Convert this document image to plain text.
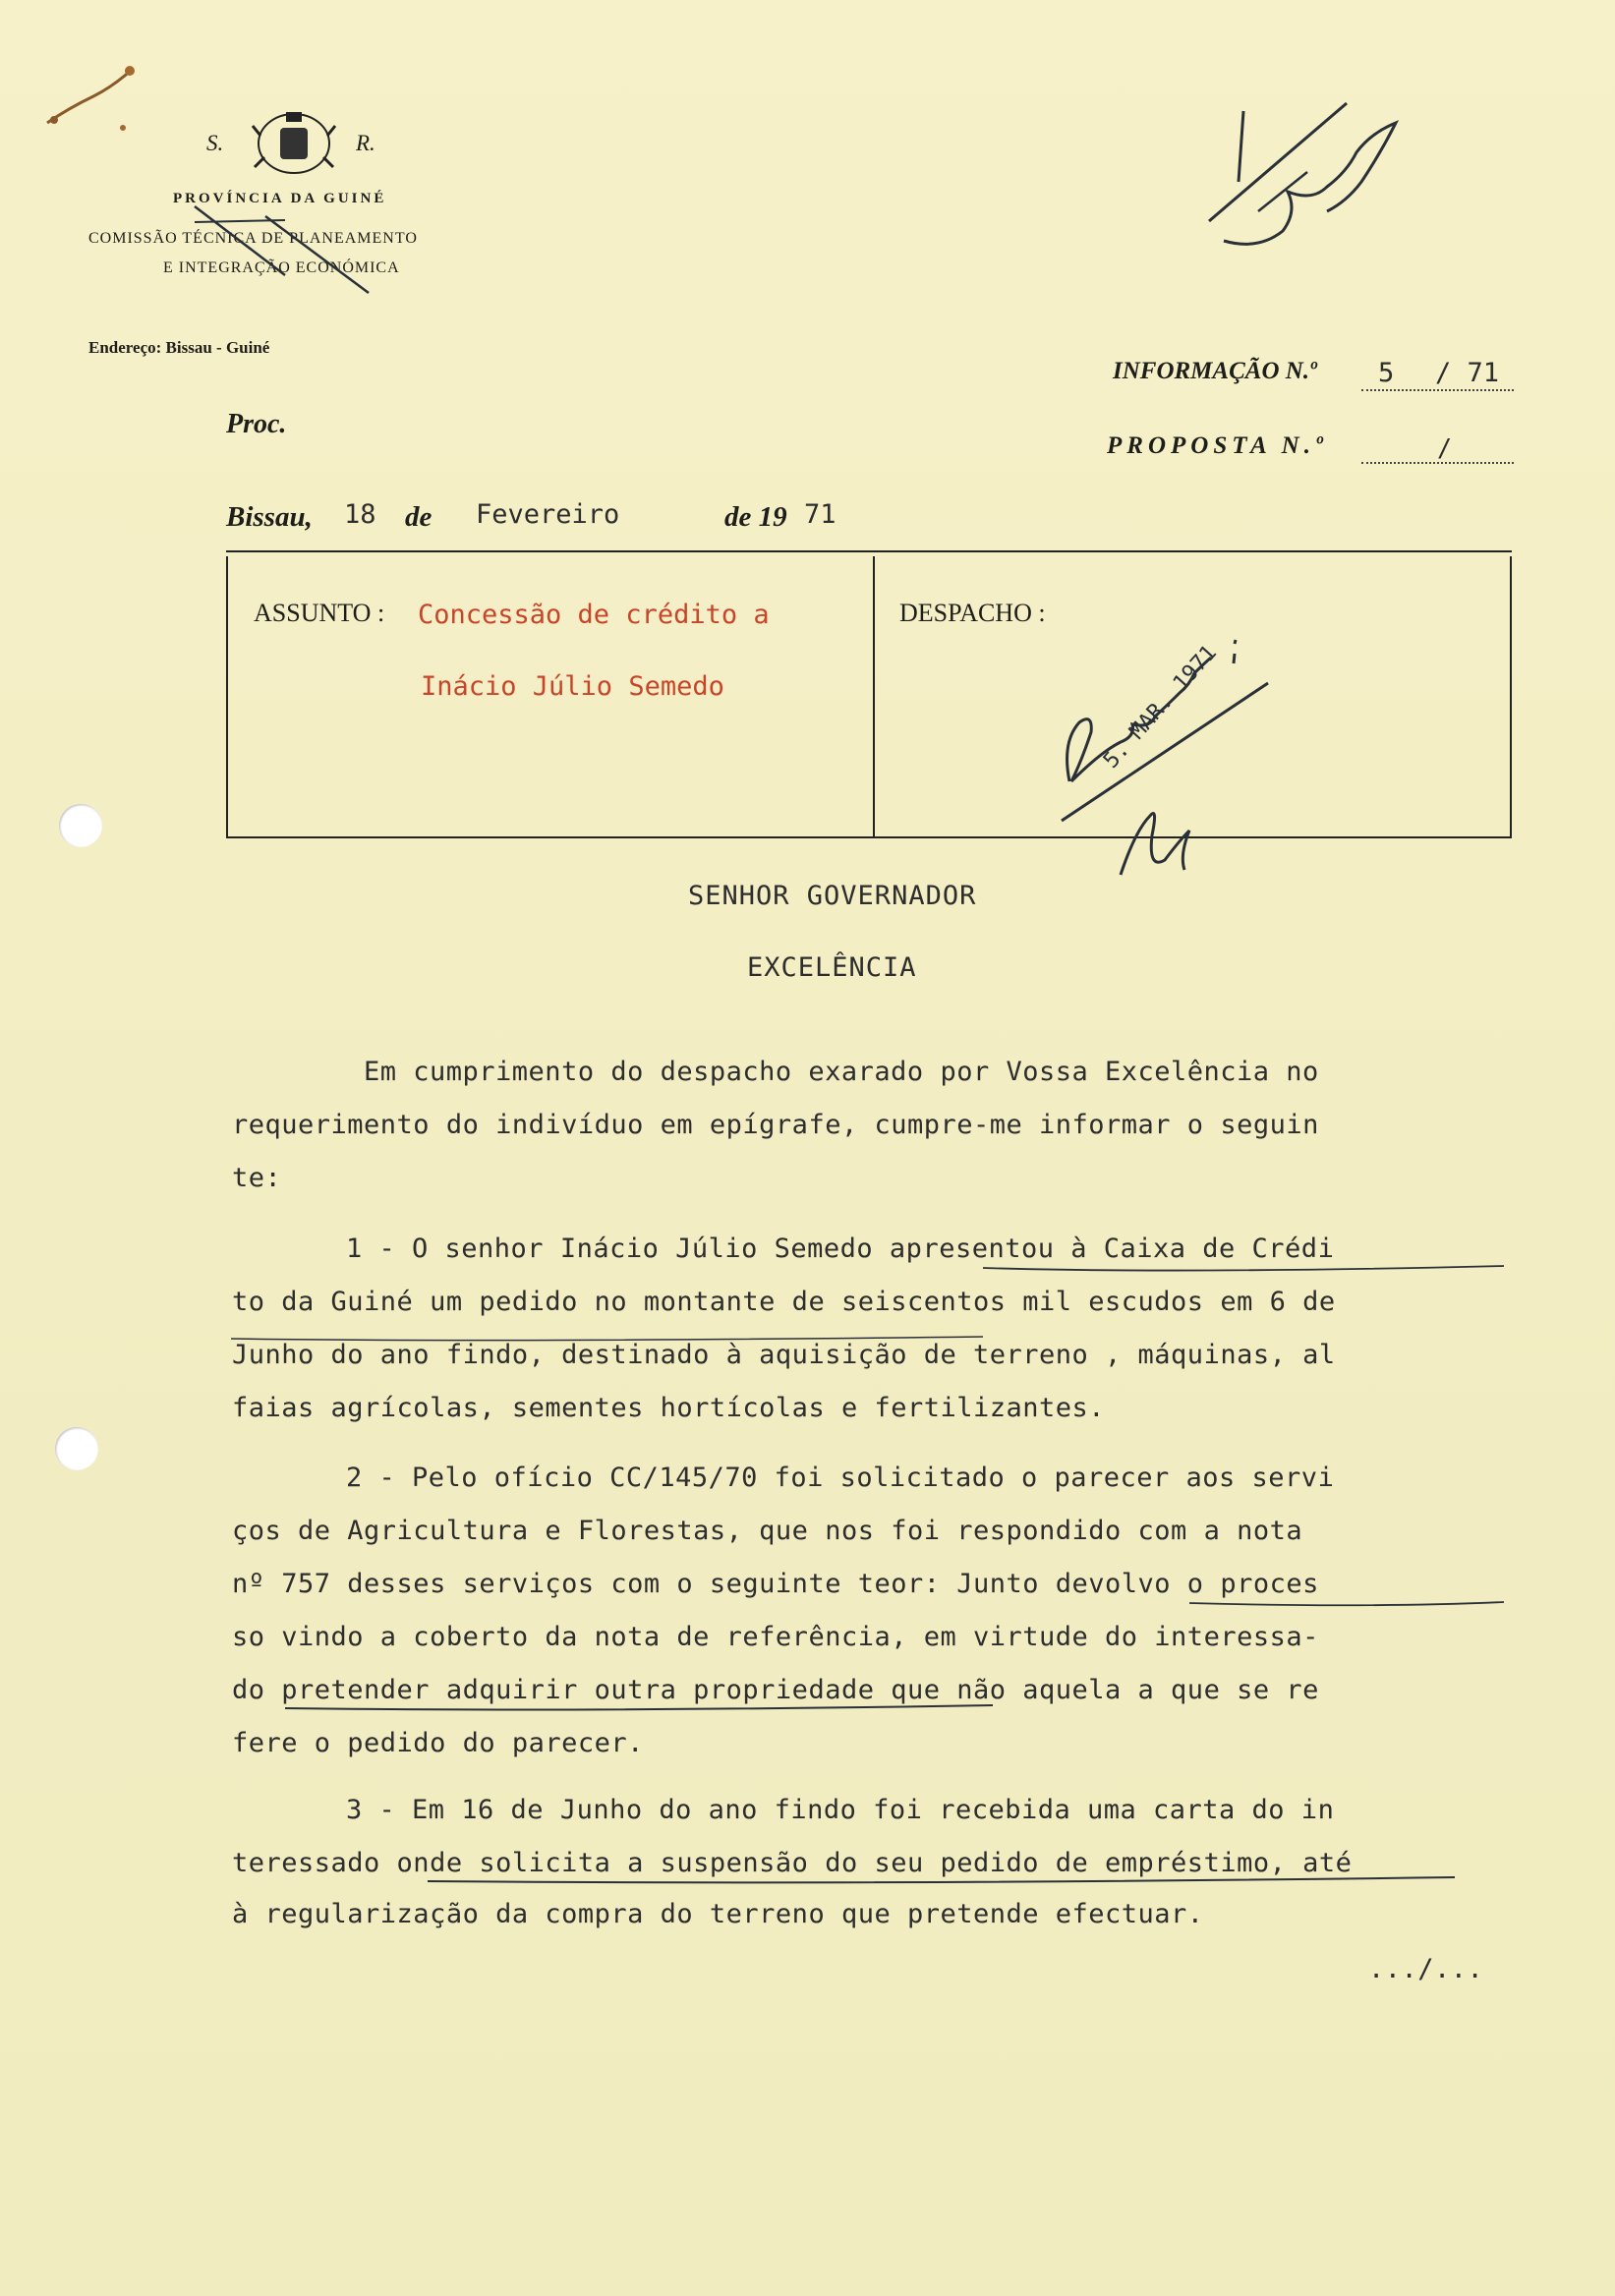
S.	R.
PROVÍNCIA DA GUINÉ
COMISSÃO TÉCNICA DE PLANEAMENTO
E INTEGRAÇÃO ECONÓMICA
Endereço: Bissau - Guiné
INFORMAÇÃO N.º 5 / 71
PROPOSTA N.º	/
Proc.
Bissau, 18 de Fevereiro	de 19 71
ASSUNTO : Concessão de crédito a
Inácio Júlio Semedo
DESPACHO :
5. MAR. 1971
SENHOR GOVERNADOR
EXCELÊNCIA
Em cumprimento do despacho exarado por Vossa Excelência no
requerimento do indivíduo em epígrafe, cumpre-me informar o seguin
te:
1 - O senhor Inácio Júlio Semedo apresentou à Caixa de Crédi
to da Guiné um pedido no montante de seiscentos mil escudos em 6 de
Junho do ano findo, destinado à aquisição de terreno , máquinas, al
faias agrícolas, sementes hortícolas e fertilizantes.
2 - Pelo ofício CC/145/70 foi solicitado o parecer aos servi
ços de Agricultura e Florestas, que nos foi respondido com a nota
nº 757 desses serviços com o seguinte teor: Junto devolvo o proces
so vindo a coberto da nota de referência, em virtude do interessa-
do pretender adquirir outra propriedade que não aquela a que se re
fere o pedido do parecer.
3 - Em 16 de Junho do ano findo foi recebida uma carta do in
teressado onde solicita a suspensão do seu pedido de empréstimo, até
à regularização da compra do terreno que pretende efectuar.
.../...
